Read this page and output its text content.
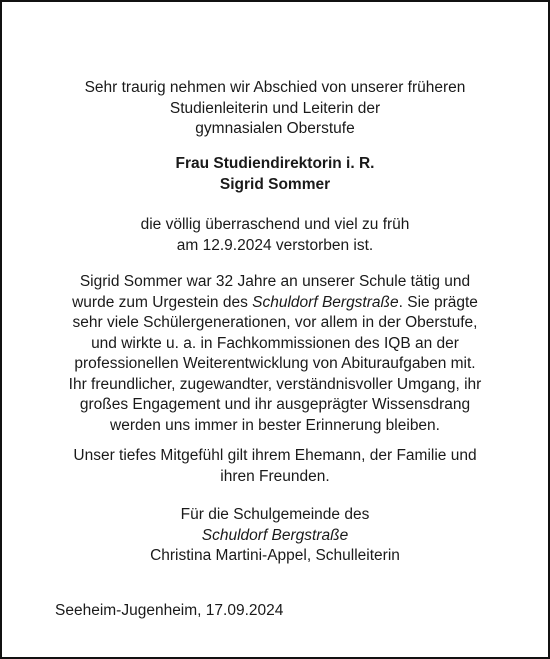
Sehr traurig nehmen wir Abschied von unserer früheren
Studienleiterin und Leiterin der
gymnasialen Oberstufe
Frau Studiendirektorin i. R.
Sigrid Sommer
die völlig überraschend und viel zu früh
am 12.9.2024 verstorben ist.
Sigrid Sommer war 32 Jahre an unserer Schule tätig und
wurde zum Urgestein des Schuldorf Bergstraße. Sie prägte
sehr viele Schülergenerationen, vor allem in der Oberstufe,
und wirkte u. a. in Fachkommissionen des IQB an der
professionellen Weiterentwicklung von Abituraufgaben mit.
Ihr freundlicher, zugewandter, verständnisvoller Umgang, ihr
großes Engagement und ihr ausgeprägter Wissensdrang
werden uns immer in bester Erinnerung bleiben.
Unser tiefes Mitgefühl gilt ihrem Ehemann, der Familie und
ihren Freunden.
Für die Schulgemeinde des
Schuldorf Bergstraße
Christina Martini-Appel, Schulleiterin
Seeheim-Jugenheim, 17.09.2024
